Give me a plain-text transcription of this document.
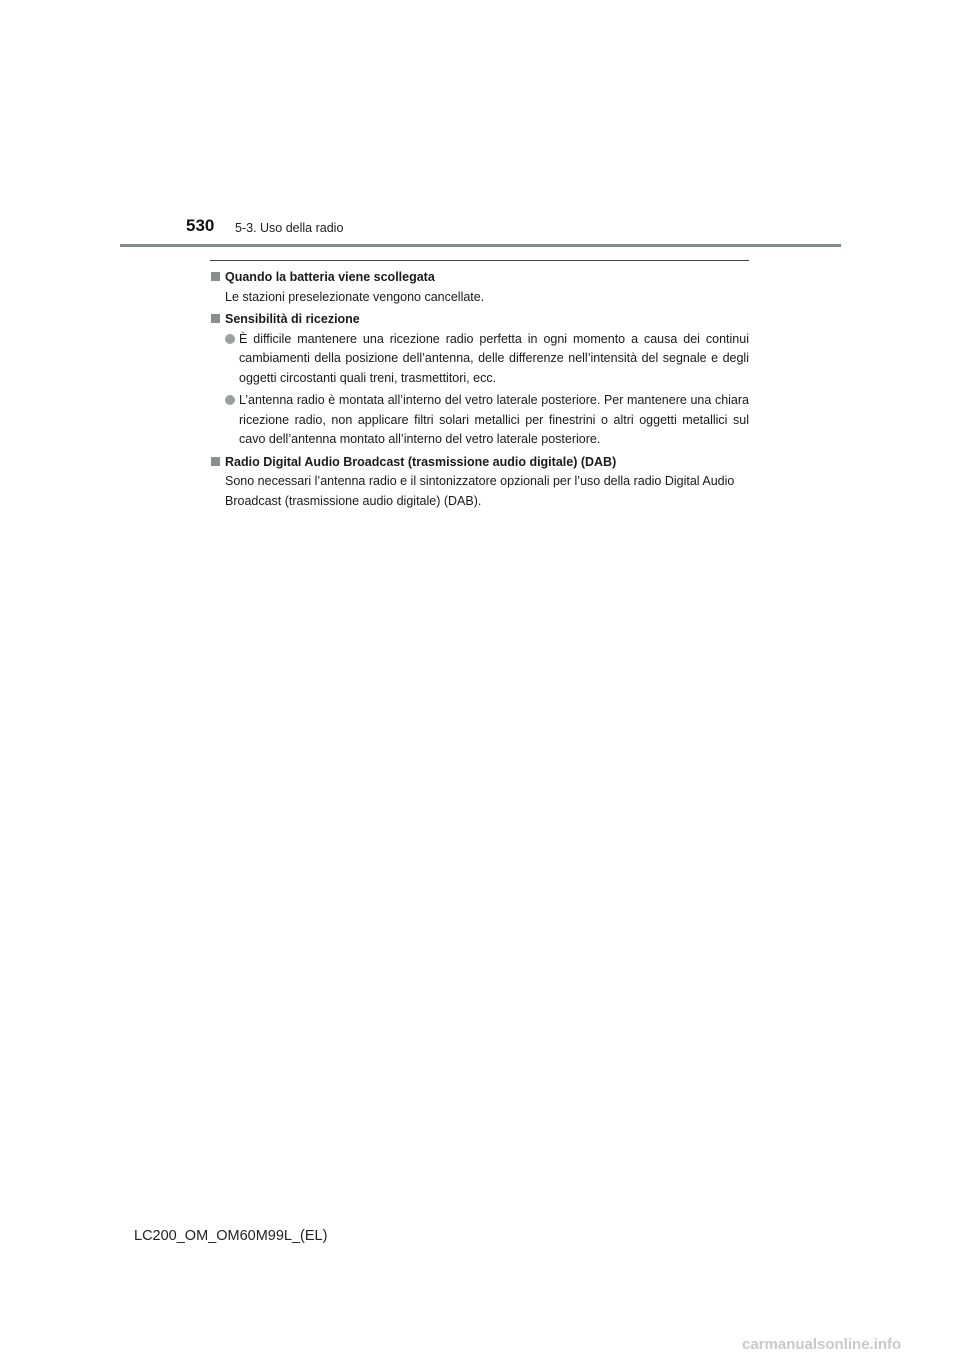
530 5-3. Uso della radio
Quando la batteria viene scollegata
Le stazioni preselezionate vengono cancellate.
Sensibilità di ricezione
È difficile mantenere una ricezione radio perfetta in ogni momento a causa dei continui cambiamenti della posizione dell’antenna, delle differenze nell’intensità del segnale e degli oggetti circostanti quali treni, trasmettitori, ecc.
L’antenna radio è montata all’interno del vetro laterale posteriore. Per mantenere una chiara ricezione radio, non applicare filtri solari metallici per finestrini o altri oggetti metallici sul cavo dell’antenna montato all’interno del vetro laterale posteriore.
Radio Digital Audio Broadcast (trasmissione audio digitale) (DAB)
Sono necessari l’antenna radio e il sintonizzatore opzionali per l’uso della radio Digital Audio Broadcast (trasmissione audio digitale) (DAB).
LC200_OM_OM60M99L_(EL)
carmanualsonline.info
